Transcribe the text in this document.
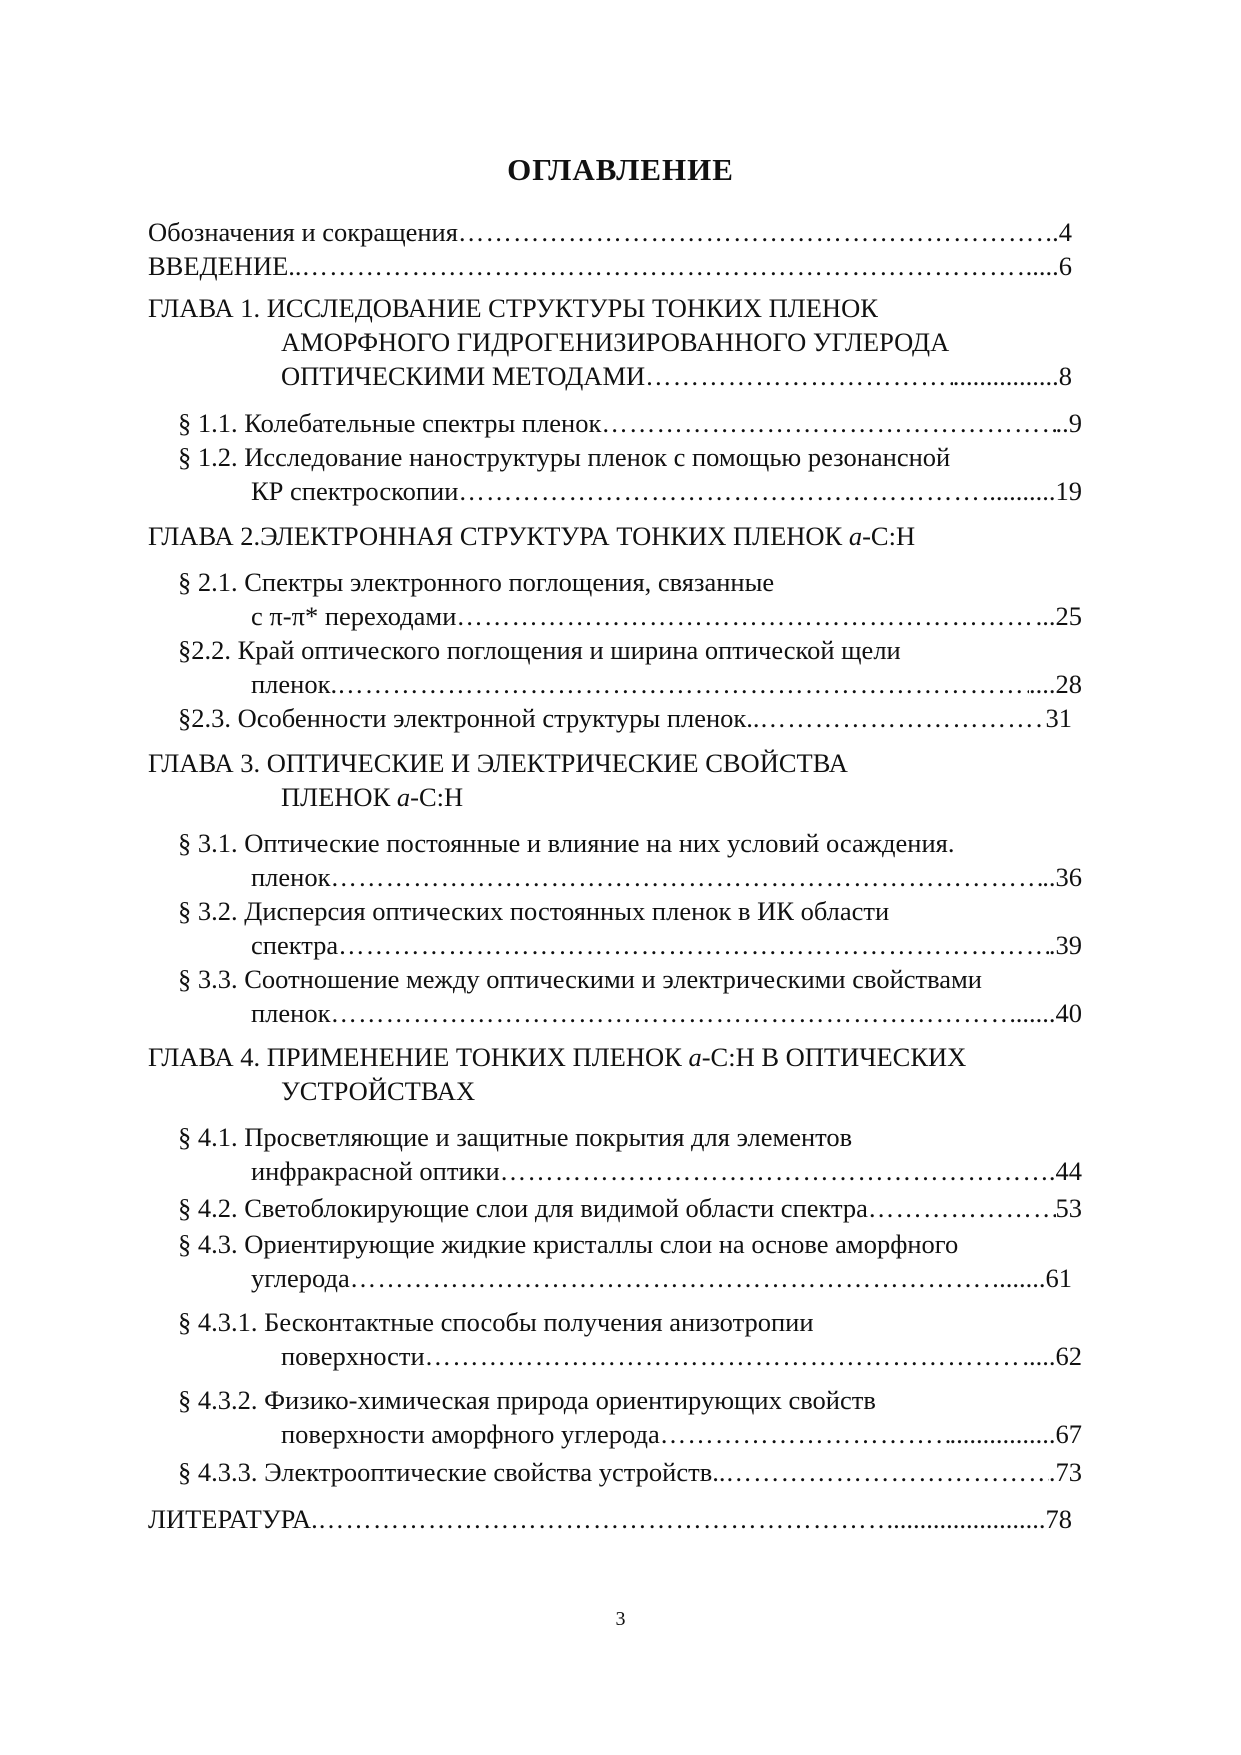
ОГЛАВЛЕНИЕ
Обозначения и сокращения ………………………………………………………………………………………………………………………………………………………………………………	.4
ВВЕДЕНИЕ.. ………………………………………………………………………………………………………………………………………………………………………………	.....6
ГЛАВА 1. ИССЛЕДОВАНИЕ СТРУКТУРЫ ТОНКИХ ПЛЕНОК
АМОРФНОГО ГИДРОГЕНИЗИРОВАННОГО УГЛЕРОДА
ОПТИЧЕСКИМИ МЕТОДАМИ ………………………………………………………………………………………………………………………………………………………………………………	................8
§ 1.1. Колебательные спектры пленок ………………………………………………………………………………………………………………………………………………………………………………	..9
§ 1.2. Исследование наноструктуры пленок с помощью резонансной
КР спектроскопии ………………………………………………………………………………………………………………………………………………………………………………	..........19
ГЛАВА 2.ЭЛЕКТРОННАЯ СТРУКТУРА ТОНКИХ ПЛЕНОК a-C:H
§ 2.1. Спектры электронного поглощения, связанные
с π-π* переходами ………………………………………………………………………………………………………………………………………………………………………………	...25
§2.2. Край оптического поглощения и ширина оптической щели
пленок. ………………………………………………………………………………………………………………………………………………………………………………	....28
§2.3. Особенности электронной структуры пленок.. ………………………………………………………………………………………………………………………………………………………………………………	31
ГЛАВА 3. ОПТИЧЕСКИЕ И ЭЛЕКТРИЧЕСКИЕ СВОЙСТВА
ПЛЕНОК a-C:H
§ 3.1. Оптические постоянные и влияние на них условий осаждения.
пленок ………………………………………………………………………………………………………………………………………………………………………………	..36
§ 3.2. Дисперсия оптических постоянных пленок в ИК области
спектра ………………………………………………………………………………………………………………………………………………………………………………	.39
§ 3.3. Соотношение между оптическими и электрическими свойствами
пленок ………………………………………………………………………………………………………………………………………………………………………………	......40
ГЛАВА 4. ПРИМЕНЕНИЕ ТОНКИХ ПЛЕНОК a-C:H В ОПТИЧЕСКИХ
УСТРОЙСТВАХ
§ 4.1. Просветляющие и защитные покрытия для элементов
инфракрасной оптики ………………………………………………………………………………………………………………………………………………………………………………	.44
§ 4.2. Светоблокирующие слои для видимой области спектра ………………………………………………………………………………………………………………………………………………………………………………	53
§ 4.3. Ориентирующие жидкие кристаллы слои на основе аморфного
углерода ………………………………………………………………………………………………………………………………………………………………………………	.......61
§ 4.3.1. Бесконтактные способы получения анизотропии
поверхности ………………………………………………………………………………………………………………………………………………………………………………	.....62
§ 4.3.2. Физико-химическая природа ориентирующих свойств
поверхности аморфного углерода ………………………………………………………………………………………………………………………………………………………………………………	................67
§ 4.3.3. Электрооптические свойства устройств.. ………………………………………………………………………………………………………………………………………………………………………………	.73
ЛИТЕРАТУРА. ………………………………………………………………………………………………………………………………………………………………………………	........................78
3
